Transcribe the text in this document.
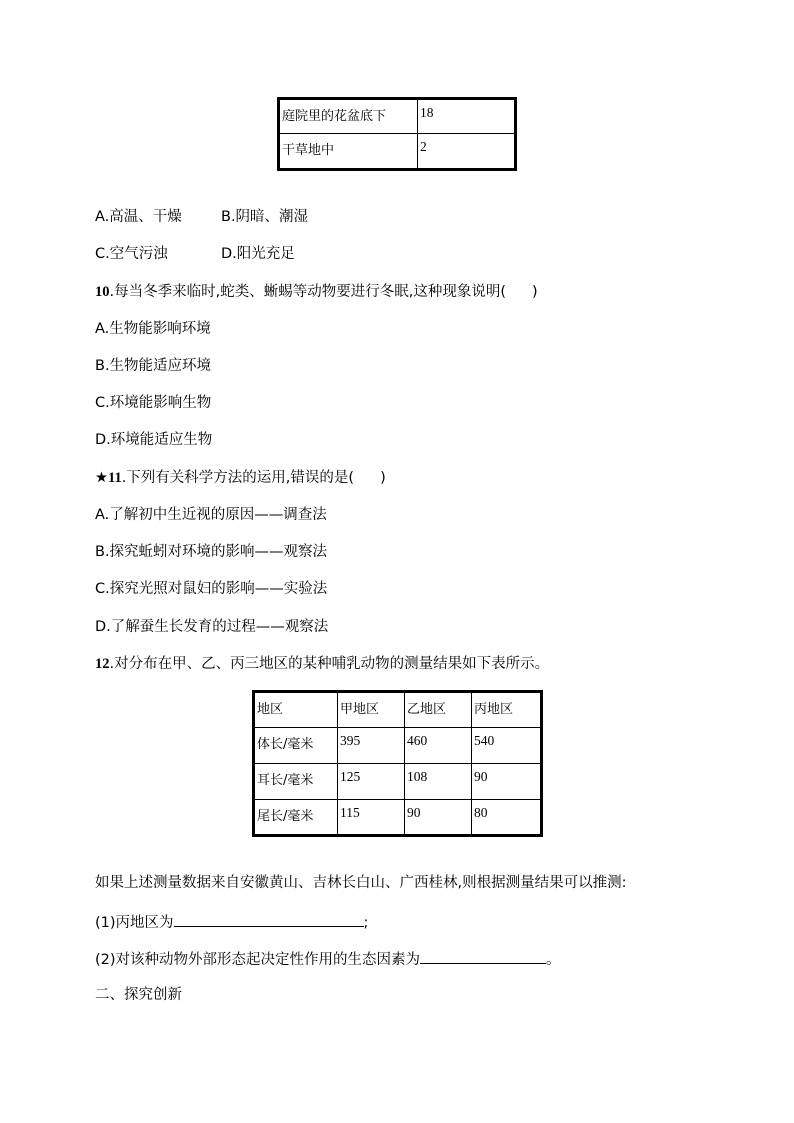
庭院里的花盆底下	18
干草地中	2
A.高温、干燥	B.阴暗、潮湿
C.空气污浊	D.阳光充足
10.每当冬季来临时,蛇类、蜥蜴等动物要进行冬眠,这种现象说明( )
A.生物能影响环境
B.生物能适应环境
C.环境能影响生物
D.环境能适应生物
★11.下列有关科学方法的运用,错误的是( )
A.了解初中生近视的原因——调查法
B.探究蚯蚓对环境的影响——观察法
C.探究光照对鼠妇的影响——实验法
D.了解蚕生长发育的过程——观察法
12.对分布在甲、乙、丙三地区的某种哺乳动物的测量结果如下表所示。
地区	甲地区	乙地区	丙地区
体长/毫米	395	460	540
耳长/毫米	125	108	90
尾长/毫米	115	90	80
如果上述测量数据来自安徽黄山、吉林长白山、广西桂林,则根据测量结果可以推测:
(1)丙地区为	;
(2)对该种动物外部形态起决定性作用的生态因素为	。
二、探究创新
